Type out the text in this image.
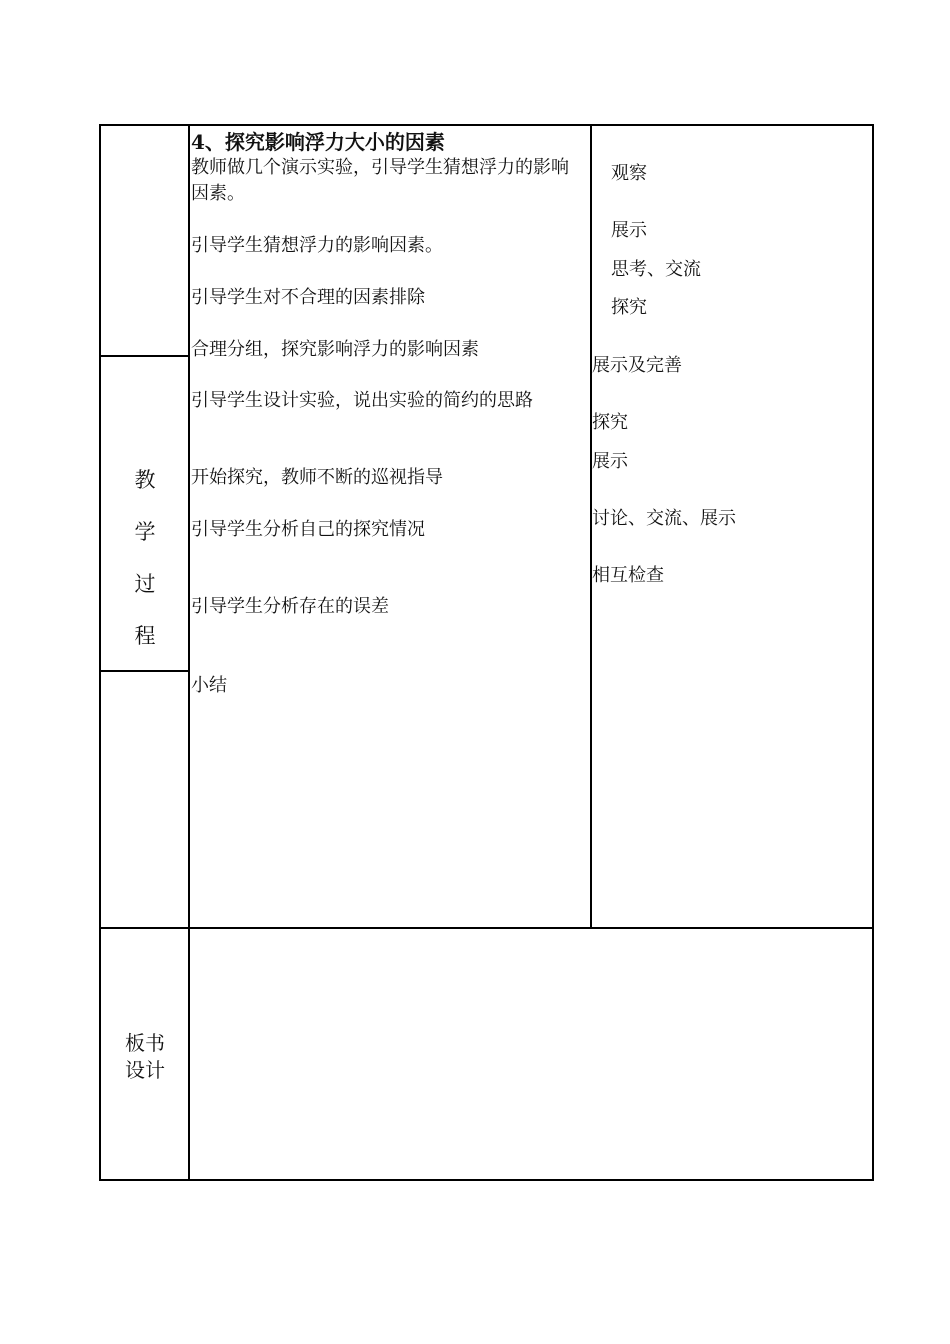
教
学
过
程
板书
设计
4、探究影响浮力大小的因素
教师做几个演示实验，引导学生猜想浮力的影响
因素。
引导学生猜想浮力的影响因素。
引导学生对不合理的因素排除
合理分组，探究影响浮力的影响因素
引导学生设计实验，说出实验的简约的思路
开始探究，教师不断的巡视指导
引导学生分析自己的探究情况
引导学生分析存在的误差
小结
观察
展示
思考、交流
探究
展示及完善
探究
展示
讨论、交流、展示
相互检查
